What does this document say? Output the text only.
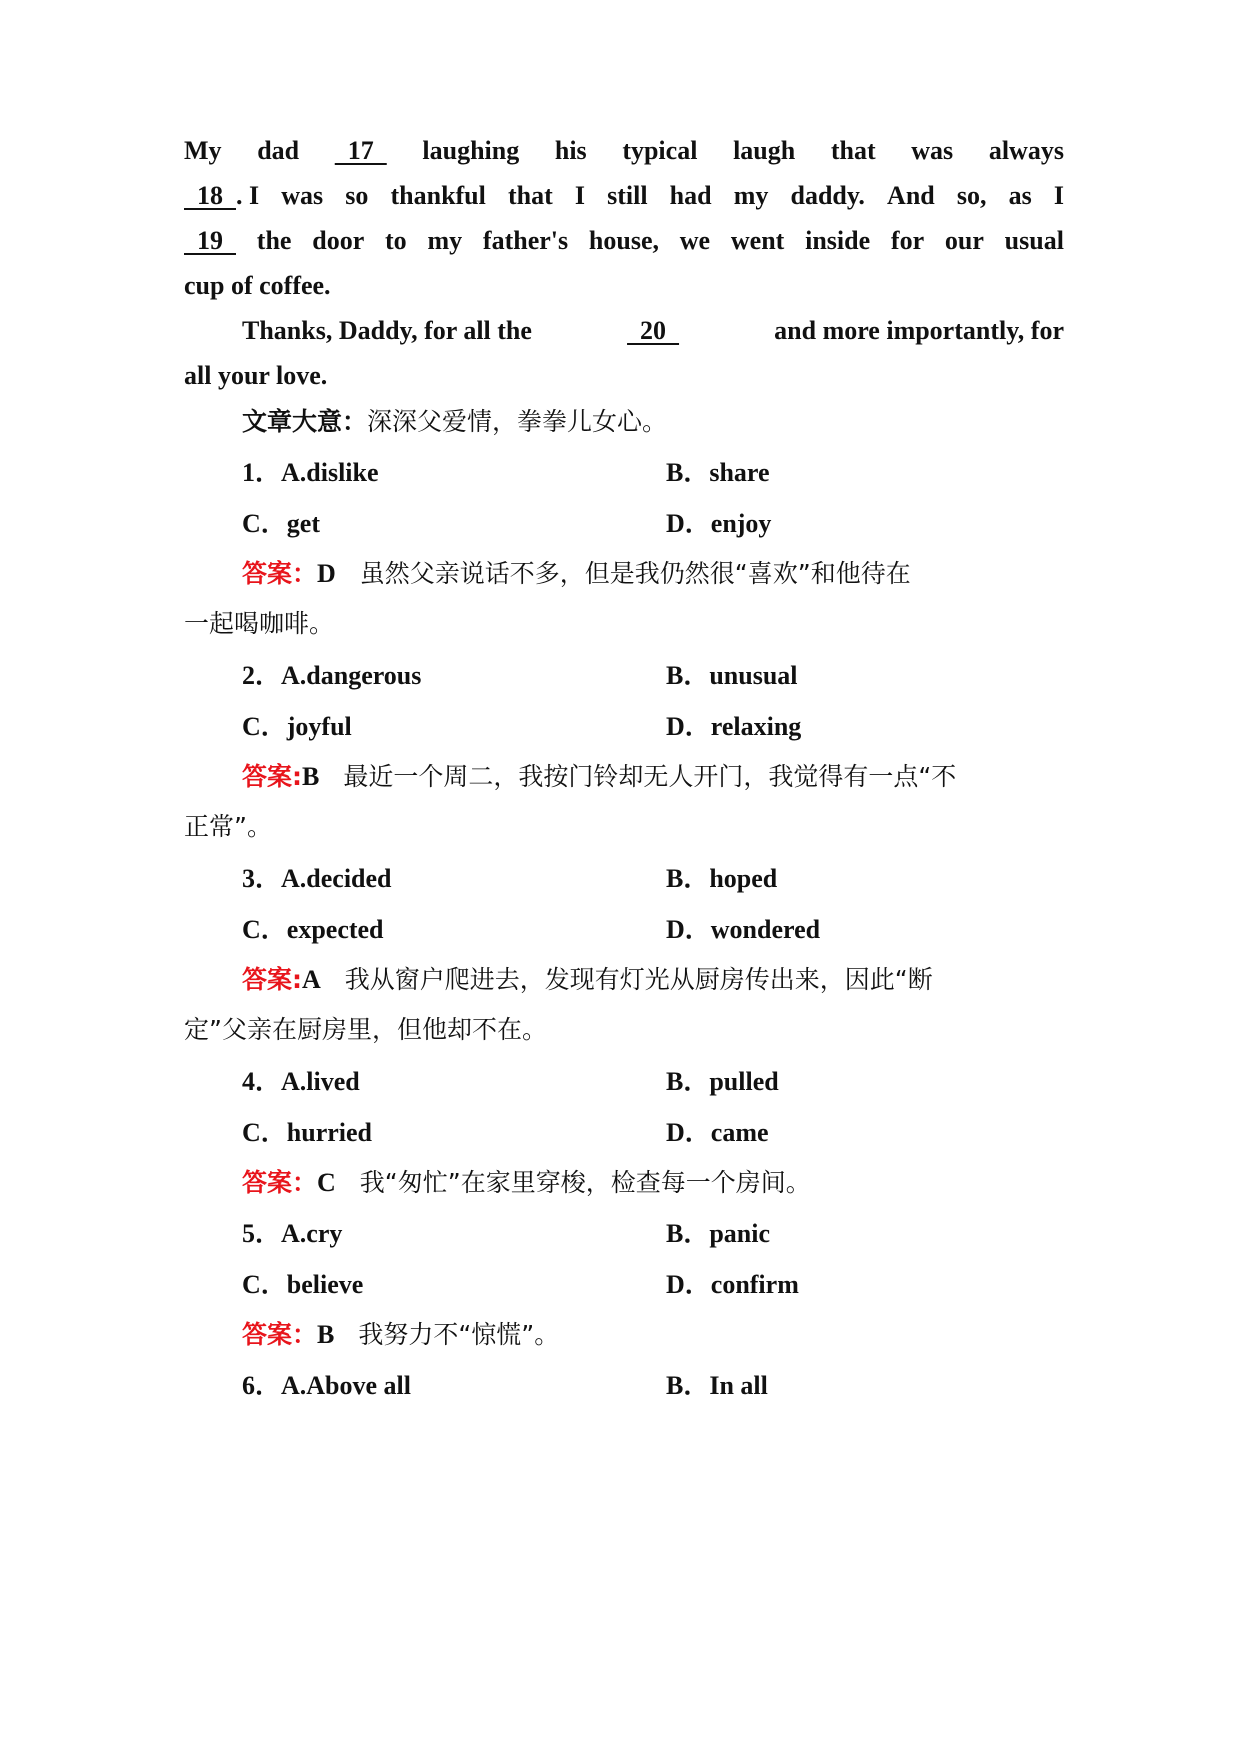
My dad 17 laughing his typical laugh that was always
18  . I was so thankful that I still had my daddy. And so, as I
19 the door to my father's house, we went inside for our usual
cup of coffee.
Thanks, Daddy, for all the	20	and more importantly, for
all your love.
文章大意：深深父爱情，拳拳儿女心。
1．A.dislike	B．share
C．get	D．enjoy
答案：D 虽然父亲说话不多，但是我仍然很“喜欢”和他待在
一起喝咖啡。
2．A.dangerous	B．unusual
C．joyful	D．relaxing
答案:B 最近一个周二，我按门铃却无人开门，我觉得有一点“不
正常”。
3．A.decided	B．hoped
C．expected	D．wondered
答案:A 我从窗户爬进去，发现有灯光从厨房传出来，因此“断
定”父亲在厨房里，但他却不在。
4．A.lived	B．pulled
C．hurried	D．came
答案：C 我“匆忙”在家里穿梭，检查每一个房间。
5．A.cry	B．panic
C．believe	D．confirm
答案：B 我努力不“惊慌”。
6．A.Above all	B．In all
